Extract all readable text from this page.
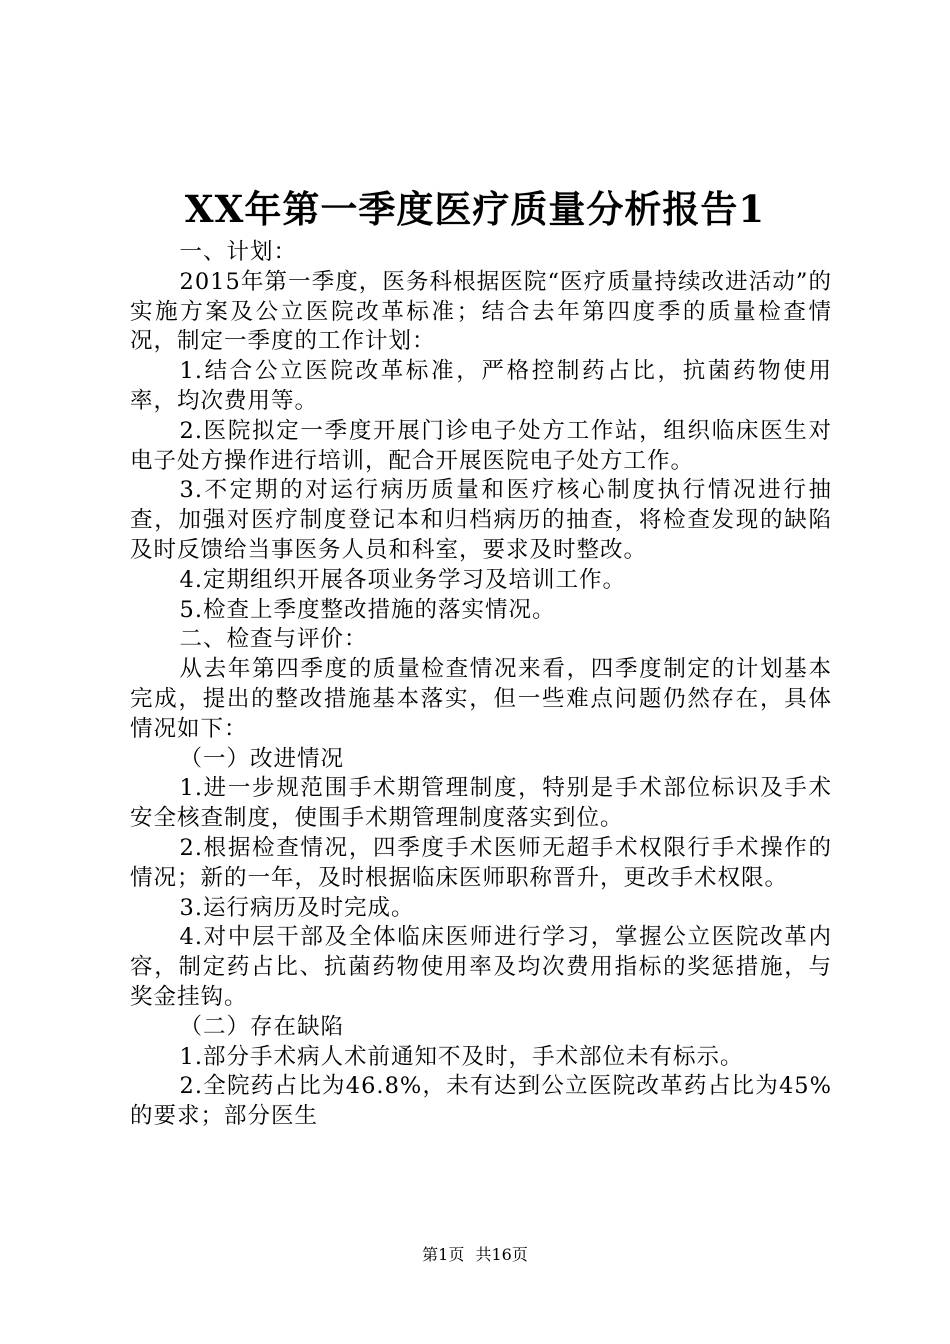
XX年第一季度医疗质量分析报告1

一、计划：

2015年第一季度，医务科根据医院“医疗质量持续改进活动”的实施方案及公立医院改革标准；结合去年第四度季的质量检查情况，制定一季度的工作计划：

1.结合公立医院改革标准，严格控制药占比，抗菌药物使用率，均次费用等。

2.医院拟定一季度开展门诊电子处方工作站，组织临床医生对电子处方操作进行培训，配合开展医院电子处方工作。

3.不定期的对运行病历质量和医疗核心制度执行情况进行抽查，加强对医疗制度登记本和归档病历的抽查，将检查发现的缺陷及时反馈给当事医务人员和科室，要求及时整改。

4.定期组织开展各项业务学习及培训工作。

5.检查上季度整改措施的落实情况。

二、检查与评价：

从去年第四季度的质量检查情况来看，四季度制定的计划基本完成，提出的整改措施基本落实，但一些难点问题仍然存在，具体情况如下：

（一）改进情况

1.进一步规范围手术期管理制度，特别是手术部位标识及手术安全核查制度，使围手术期管理制度落实到位。

2.根据检查情况，四季度手术医师无超手术权限行手术操作的情况；新的一年，及时根据临床医师职称晋升，更改手术权限。

3.运行病历及时完成。

4.对中层干部及全体临床医师进行学习，掌握公立医院改革内容，制定药占比、抗菌药物使用率及均次费用指标的奖惩措施，与奖金挂钩。

（二）存在缺陷

1.部分手术病人术前通知不及时，手术部位未有标示。

2.全院药占比为46.8%，未有达到公立医院改革药占比为45%的要求；部分医生

第1页 共16页
